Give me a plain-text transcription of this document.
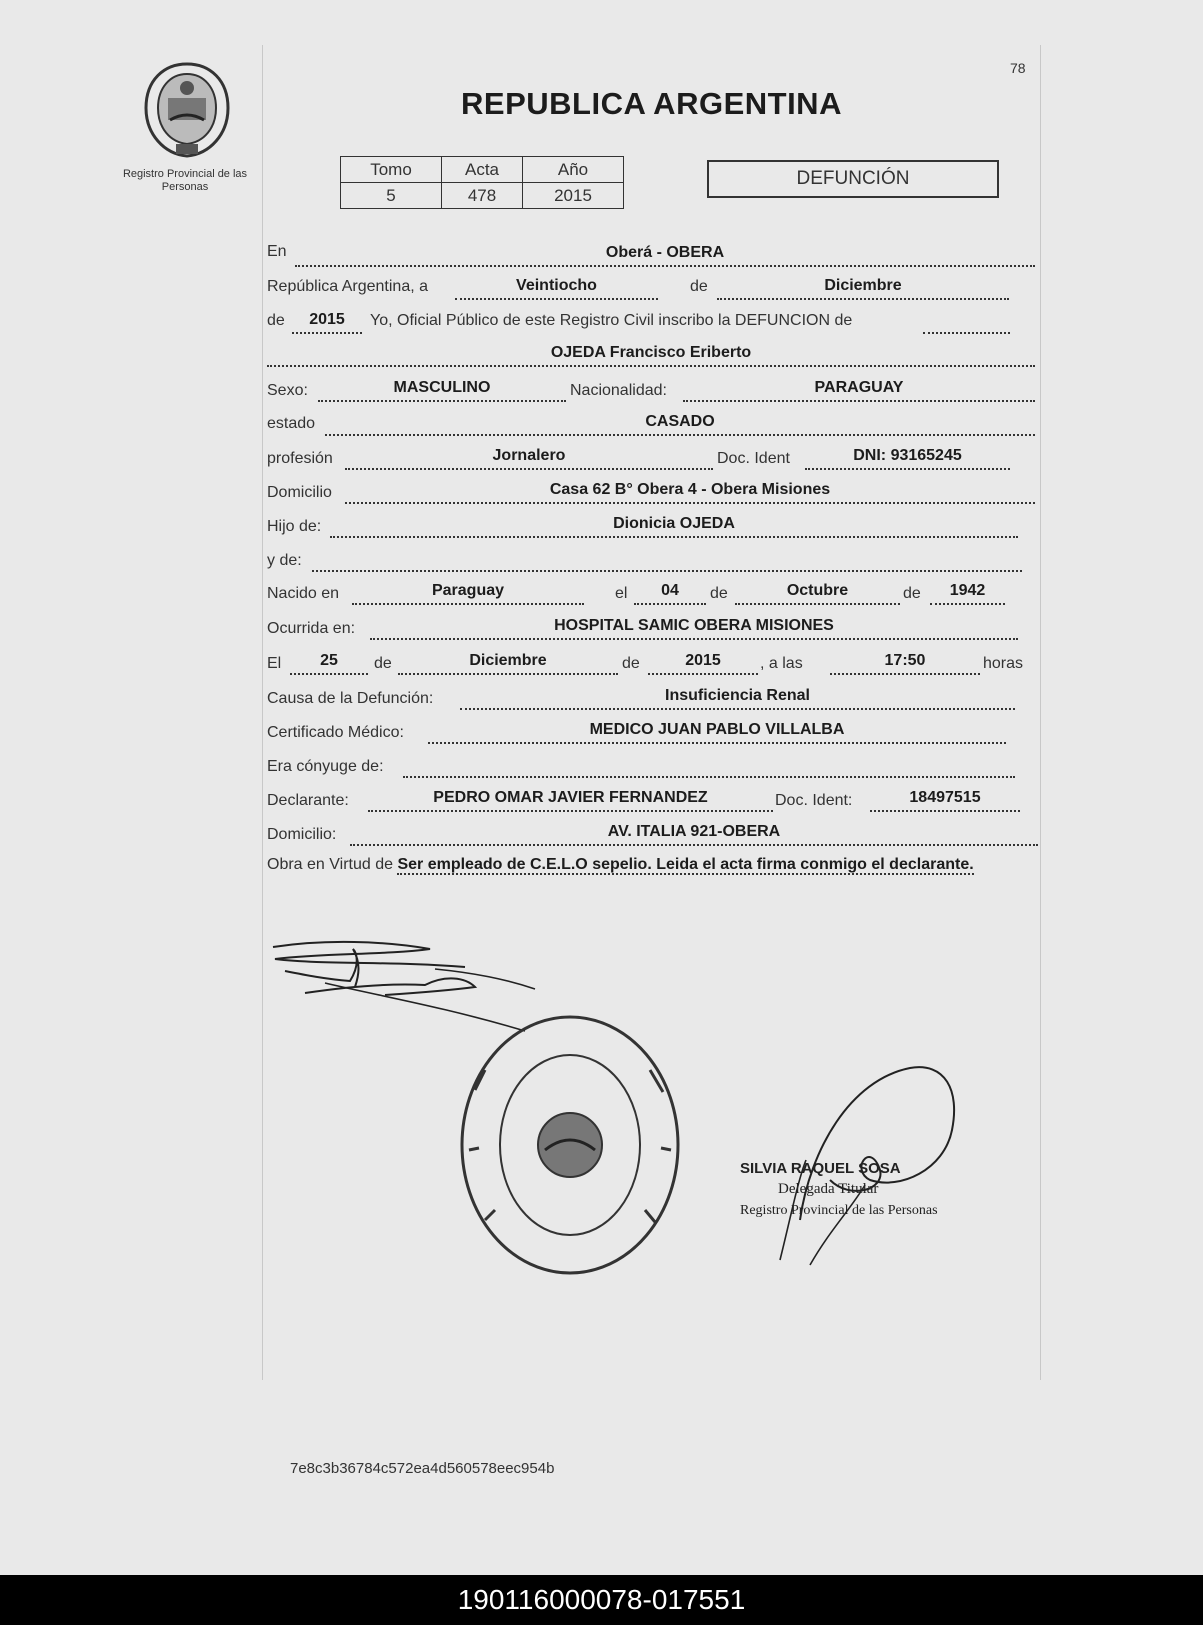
Registro Provincial de las Personas
78
REPUBLICA ARGENTINA
Tomo	Acta	Año
5	478	2015
DEFUNCIÓN
En	Oberá - OBERA
República Argentina, a	Veintiocho	de	Diciembre
de	2015	Yo, Oficial Público de este Registro Civil inscribo la DEFUNCION de
OJEDA Francisco Eriberto
Sexo:	MASCULINO	Nacionalidad:	PARAGUAY
estado	CASADO
profesión	Jornalero	Doc. Ident	DNI: 93165245
Domicilio	Casa 62 B° Obera 4 - Obera Misiones
Hijo de:	Dionicia OJEDA
y de:
Nacido en	Paraguay	el	04	de	Octubre	de	1942
Ocurrida en:	HOSPITAL SAMIC OBERA MISIONES
El	25	de	Diciembre	de	2015	, a las	17:50	horas
Causa de la Defunción:	Insuficiencia Renal
Certificado Médico:	MEDICO JUAN PABLO VILLALBA
Era cónyuge de:
Declarante:	PEDRO OMAR JAVIER FERNANDEZ	Doc. Ident:	18497515
Domicilio:	AV. ITALIA 921-OBERA
Obra en Virtud de Ser empleado de C.E.L.O sepelio. Leida el acta firma conmigo el declarante.
SILVIA RAQUEL SOSA
Delegada Titular
Registro Provincial de las Personas
7e8c3b36784c572ea4d560578eec954b
190116000078-017551
